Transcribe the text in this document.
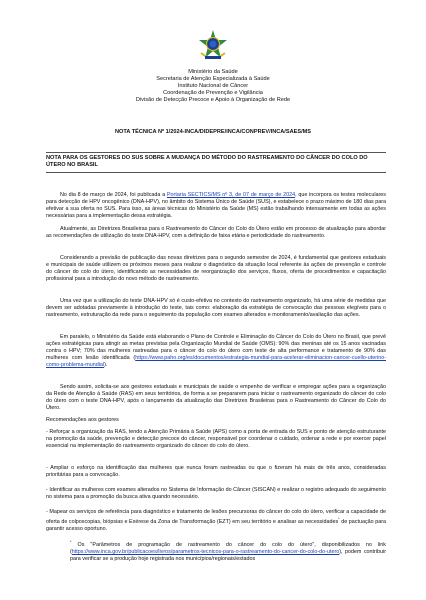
Ministério da Saúde
Secretaria de Atenção Especializada à Saúde
Instituto Nacional de Câncer
Coordenação de Prevenção e Vigilância
Divisão de Detecção Precoce e Apoio à Organização de Rede
NOTA TÉCNICA Nº 1/2024-INCA/DIDEPRE/INCA/CONPREV/INCA/SAES/MS
NOTA PARA OS GESTORES DO SUS SOBRE A MUDANÇA DO MÉTODO DO RASTREAMENTO DO CÂNCER DO COLO DO ÚTERO NO BRASIL
No dia 8 de março de 2024, foi publicada a Portaria SECTICS/MS nº 3, de 07 de março de 2024, que incorpora os testes moleculares para detecção de HPV oncogênico (DNA-HPV), no âmbito do Sistema Único de Saúde (SUS), e estabelece o prazo máximo de 180 dias para efetivar a sua oferta no SUS. Para isso, as áreas técnicas do Ministério da Saúde (MS) estão trabalhando intensamente em todas as ações necessárias para a implementação dessa estratégia.
Atualmente, as Diretrizes Brasileiras para o Rastreamento do Câncer do Colo do Útero estão em processo de atualização para abordar as recomendações de utilização do teste DNA-HPV, com a definição de faixa etária e periodicidade do rastreamento.
Considerando a previsão de publicação das novas diretrizes para o segundo semestre de 2024, é fundamental que gestores estaduais e municipais de saúde utilizem os próximos meses para realizar o diagnóstico da situação local referente às ações de prevenção e controle do câncer do colo do útero, identificando as necessidades de reorganização dos serviços, fluxos, oferta de procedimentos e capacitação profissional para a introdução do novo método de rastreamento.
Uma vez que a utilização do teste DNA-HPV só é custo-efetiva no contexto do rastreamento organizado, há uma série de medidas que devem ser adotadas previamente à introdução do teste, tais como: elaboração da estratégia de convocação das pessoas elegíveis para o rastreamento, estruturação da rede para o seguimento da população com exames alterados e monitoramento/avaliação das ações.
Em paralelo, o Ministério da Saúde está elaborando o Plano de Controle e Eliminação do Câncer do Colo do Útero no Brasil, que prevê ações estratégicas para atingir as metas previstas pela Organização Mundial de Saúde (OMS): 90% das meninas até os 15 anos vacinadas contra o HPV; 70% das mulheres rastreadas para o câncer do colo do útero com teste de alta performance e tratamento de 90% das mulheres com lesão identificada (https://www.paho.org/es/documentos/estrategia-mundial-para-acelerar-eliminacion-cancer-cuello-uterino-como-problema-mundial).
Sendo assim, solicita-se aos gestores estaduais e municipais de saúde o empenho de verificar e empregar ações para a organização da Rede de Atenção à Saúde (RAS) em seus territórios, de forma a se prepararem para iniciar o rastreamento organizado do câncer do colo do útero com o teste DNA-HPV, após o lançamento da atualização das Diretrizes Brasileiras para o Rastreamento do Câncer do Colo do Útero.
Recomendações aos gestores
- Reforçar a organização da RAS, tendo a Atenção Primária à Saúde (APS) como a porta de entrada do SUS e ponto de atenção estruturante na promoção da saúde, prevenção e detecção precoce do câncer, responsável por coordenar o cuidado, ordenar a rede e por exercer papel essencial na implementação do rastreamento organizado do câncer do colo do útero.
- Ampliar o esforço na identificação das mulheres que nunca foram rastreadas ou que o fizeram há mais de três anos, consideradas prioritárias para a convocação.
- Identificar as mulheres com exames alterados no Sistema de Informação do Câncer (SISCAN) e realizar o registro adequado do seguimento no sistema para a promoção da busca ativa quando necessário.
- Mapear os serviços de referência para diagnóstico e tratamento de lesões precursoras do câncer do colo do útero, verificar a capacidade de oferta de colposcopias, biópsias e Exérese da Zona de Transformação (EZT) em seu território e analisar as necessidades* de pactuação para garantir acesso oportuno.
* Os "Parâmetros de programação de rastreamento do câncer do colo do útero", disponibilizados no link (https://www.inca.gov.br/publicacoes/livros/parametros-tecnicos-para-o-rastreamento-do-cancer-do-colo-do-utero), podem contribuir para verificar se a produção hoje registrada nos municípios/regionais/estados
